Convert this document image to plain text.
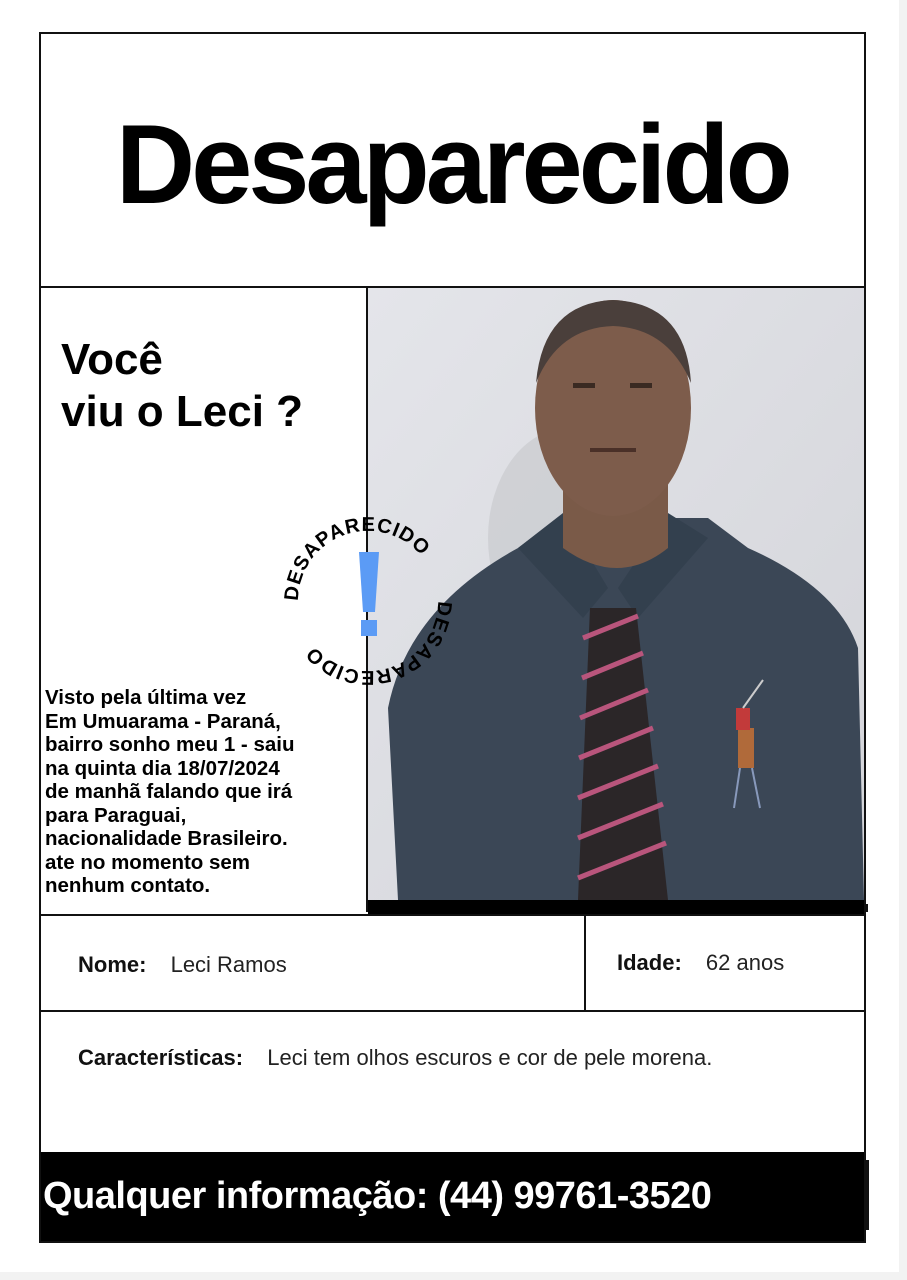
Desaparecido
Você
viu o Leci ?
DESAPARECIDO
DESAPARECIDO
Visto pela última vez
Em Umuarama - Paraná,
bairro sonho meu 1 - saiu
na quinta dia 18/07/2024
de manhã falando que irá
para Paraguai,
nacionalidade Brasileiro.
ate no momento sem
nenhum contato.
Nome: Leci Ramos	Idade: 62 anos
Características: Leci tem olhos escuros e cor de pele morena.
Qualquer informação: (44) 99761-3520
